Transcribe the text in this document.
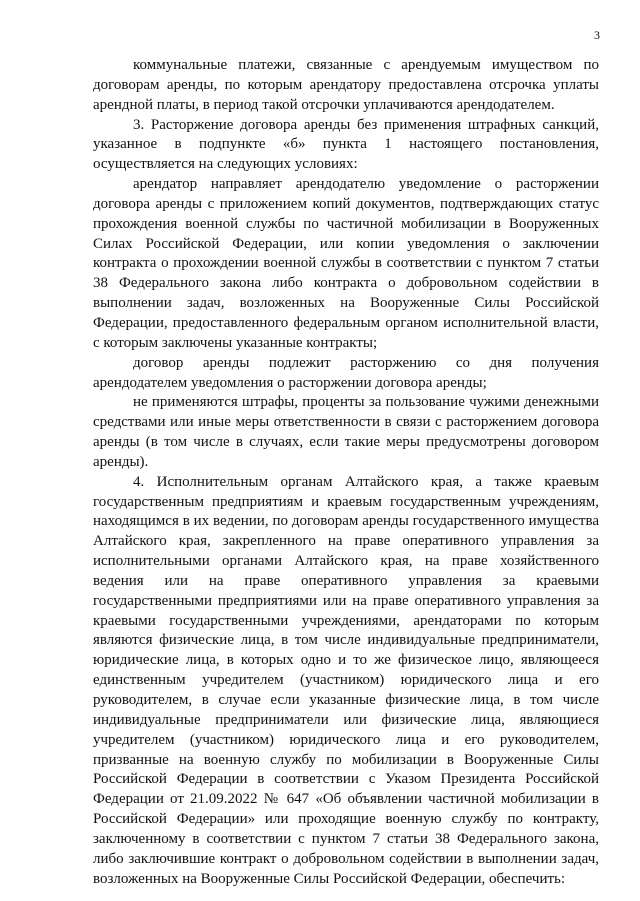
3

коммунальные платежи, связанные с арендуемым имуществом по договорам аренды, по которым арендатору предоставлена отсрочка уплаты арендной платы, в период такой отсрочки уплачиваются арендодателем.

3. Расторжение договора аренды без применения штрафных санкций, указанное в подпункте «б» пункта 1 настоящего постановления, осуществляется на следующих условиях:

арендатор направляет арендодателю уведомление о расторжении договора аренды с приложением копий документов, подтверждающих статус прохождения военной службы по частичной мобилизации в Вооруженных Силах Российской Федерации, или копии уведомления о заключении контракта о прохождении военной службы в соответствии с пунктом 7 статьи 38 Федерального закона либо контракта о добровольном содействии в выполнении задач, возложенных на Вооруженные Силы Российской Федерации, предоставленного федеральным органом исполнительной власти, с которым заключены указанные контракты;

договор аренды подлежит расторжению со дня получения арендодателем уведомления о расторжении договора аренды;

не применяются штрафы, проценты за пользование чужими денежными средствами или иные меры ответственности в связи с расторжением договора аренды (в том числе в случаях, если такие меры предусмотрены договором аренды).

4. Исполнительным органам Алтайского края, а также краевым государственным предприятиям и краевым государственным учреждениям, находящимся в их ведении, по договорам аренды государственного имущества Алтайского края, закрепленного на праве оперативного управления за исполнительными органами Алтайского края, на праве хозяйственного ведения или на праве оперативного управления за краевыми государственными предприятиями или на праве оперативного управления за краевыми государственными учреждениями, арендаторами по которым являются физические лица, в том числе индивидуальные предприниматели, юридические лица, в которых одно и то же физическое лицо, являющееся единственным учредителем (участником) юридического лица и его руководителем, в случае если указанные физические лица, в том числе индивидуальные предприниматели или физические лица, являющиеся учредителем (участником) юридического лица и его руководителем, призванные на военную службу по мобилизации в Вооруженные Силы Российской Федерации в соответствии с Указом Президента Российской Федерации от 21.09.2022 № 647 «Об объявлении частичной мобилизации в Российской Федерации» или проходящие военную службу по контракту, заключенному в соответствии с пунктом 7 статьи 38 Федерального закона, либо заключившие контракт о добровольном содействии в выполнении задач, возложенных на Вооруженные Силы Российской Федерации, обеспечить:
